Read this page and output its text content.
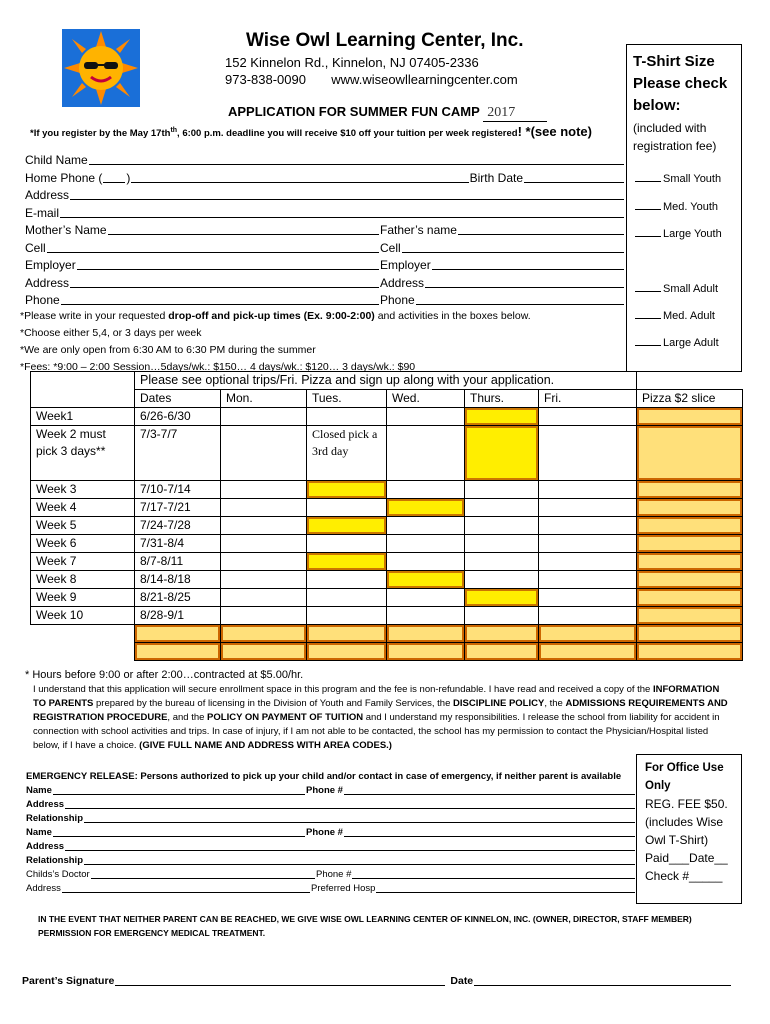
Wise Owl Learning Center, Inc.
152 Kinnelon Rd., Kinnelon, NJ 07405-2336
973-838-0090 www.wiseowllearningcenter.com
APPLICATION FOR SUMMER FUN CAMP 2017
*If you register by the May $17th^{th}$, 6:00 p.m. deadline you will receive $10 off your tuition per week registered! *(see note)
T-Shirt Size
Please check
below:
(included with registration fee)
Small Youth
Med. Youth
Large Youth
Small Adult
Med. Adult
Large Adult
Child Name
Home Phone ( )	Birth Date
Address
E-mail
Mother’s Name	Father’s name
Cell	Cell
Employer	Employer
Address	Address
Phone	Phone
*Please write in your requested drop-off and pick-up times (Ex. 9:00-2:00) and activities in the boxes below.
*Choose either 5,4, or 3 days per week
*We are only open from 6:30 AM to 6:30 PM during the summer
*Fees: *9:00 – 2:00 Session…5days/wk.: $150… 4 days/wk.: $120… 3 days/wk.: $90
	Please see optional trips/Fri. Pizza and sign up along with your application.						
	Dates	Mon.	Tues.	Wed.	Thurs.	Fri.	Pizza $2 slice
Week1	6/26-6/30						
Week 2 must pick 3 days**	7/3-7/7		Closed pick a 3rd day				
Week 3	7/10-7/14						
Week 4	7/17-7/21						
Week 5	7/24-7/28						
Week 6	7/31-8/4						
Week 7	8/7-8/11						
Week 8	8/14-8/18						
Week 9	8/21-8/25						
Week 10	8/28-9/1						

* Hours before 9:00 or after 2:00…contracted at $5.00/hr.
I understand that this application will secure enrollment space in this program and the fee is non-refundable. I have read and received a copy of the INFORMATION TO PARENTS prepared by the bureau of licensing in the Division of Youth and Family Services, the DISCIPLINE POLICY, the ADMISSIONS REQUIREMENTS AND REGISTRATION PROCEDURE, and the POLICY ON PAYMENT OF TUITION and I understand my responsibilities. I release the school from liability for accident in connection with school activities and trips. In case of injury, if I am not able to be contacted, the school has my permission to contact the Physician/Hospital listed below, if I have a choice. (GIVE FULL NAME AND ADDRESS WITH AREA CODES.)
EMERGENCY RELEASE: Persons authorized to pick up your child and/or contact in case of emergency, if neither parent is available
Name	Phone #
Address
Relationship
Name	Phone #
Address
Relationship
Childs’s Doctor	Phone #
Address	Preferred Hosp
For Office Use
Only
REG. FEE $50.
(includes Wise Owl T-Shirt)
Paid___Date__
Check #_____
IN THE EVENT THAT NEITHER PARENT CAN BE REACHED, WE GIVE WISE OWL LEARNING CENTER OF KINNELON, INC. (OWNER, DIRECTOR, STAFF MEMBER) PERMISSION FOR EMERGENCY MEDICAL TREATMENT.
Parent’s Signature	Date
